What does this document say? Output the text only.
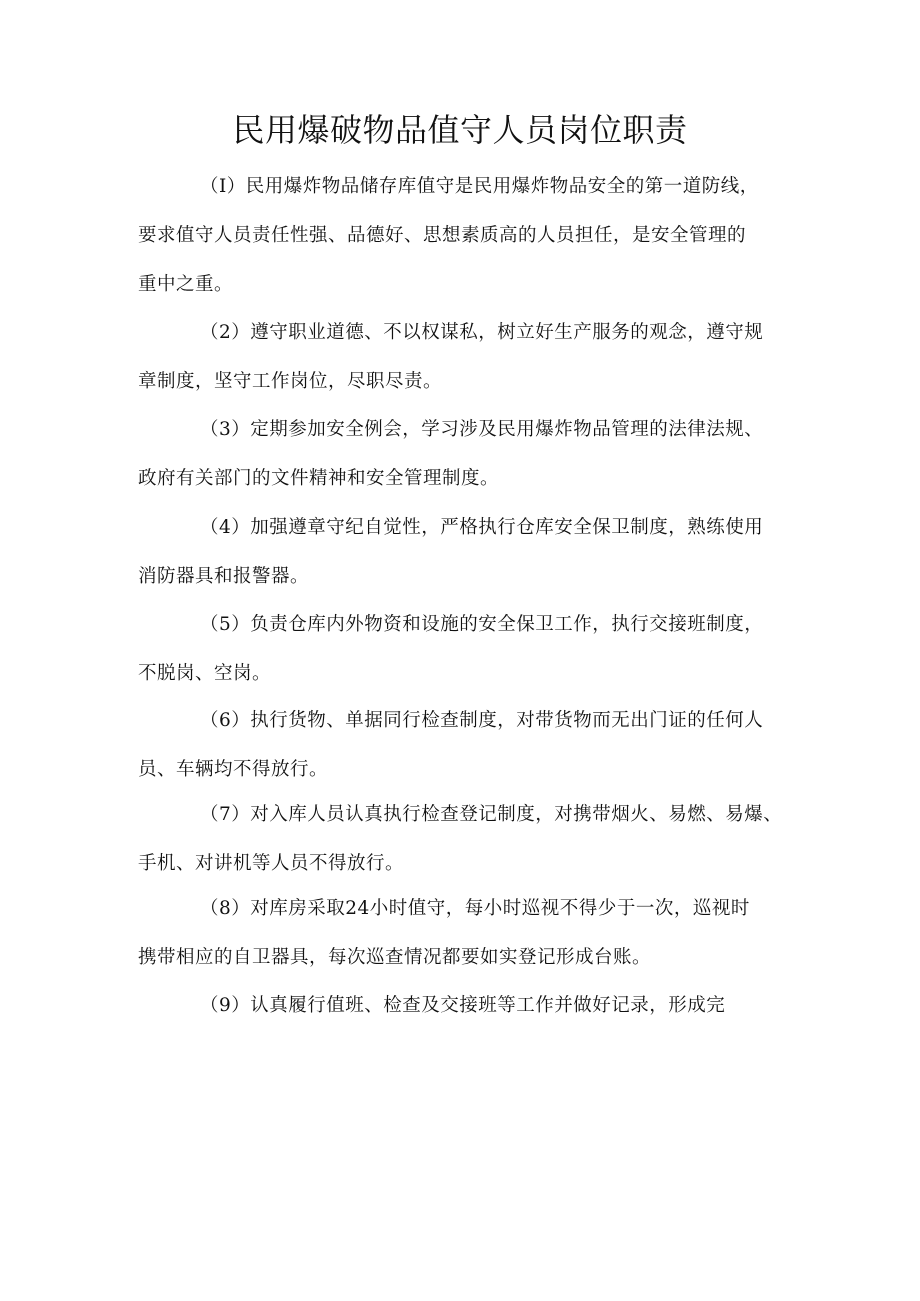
民用爆破物品值守人员岗位职责

（I）民用爆炸物品储存库值守是民用爆炸物品安全的第一道防线，
要求值守人员责任性强、品德好、思想素质高的人员担任，是安全管理的
重中之重。

（2）遵守职业道德、不以权谋私，树立好生产服务的观念，遵守规
章制度，坚守工作岗位，尽职尽责。

（3）定期参加安全例会，学习涉及民用爆炸物品管理的法律法规、
政府有关部门的文件精神和安全管理制度。

（4）加强遵章守纪自觉性，严格执行仓库安全保卫制度，熟练使用
消防器具和报警器。

（5）负责仓库内外物资和设施的安全保卫工作，执行交接班制度，
不脱岗、空岗。

（6）执行货物、单据同行检查制度，对带货物而无出门证的任何人
员、车辆均不得放行。

（7）对入库人员认真执行检查登记制度，对携带烟火、易燃、易爆、
手机、对讲机等人员不得放行。

（8）对库房采取24小时值守，每小时巡视不得少于一次，巡视时
携带相应的自卫器具，每次巡查情况都要如实登记形成台账。

（9）认真履行值班、检查及交接班等工作并做好记录，形成完
